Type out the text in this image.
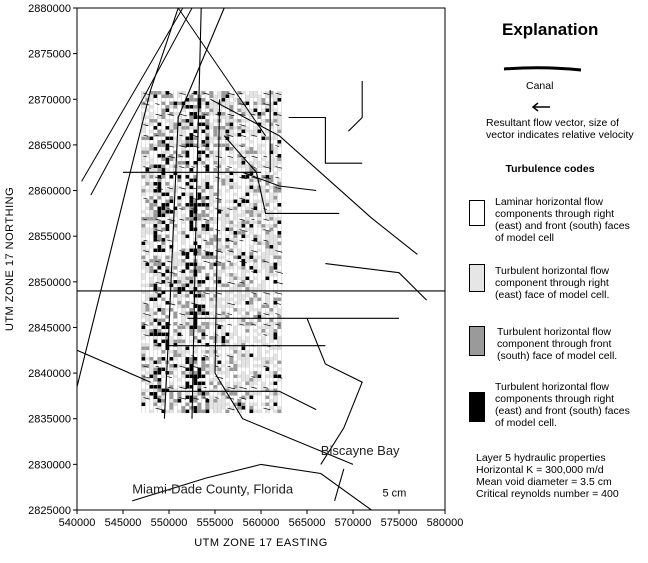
540000 545000 550000 555000 560000 565000 570000 575000 580000
2825000
2830000
2835000
2840000
2845000
2850000
2855000
2860000
2865000
2870000
2875000
2880000
UTM ZONE 17 EASTING
UTM ZONE 17 NORTHING
Biscayne Bay
Miami-Dade County, Florida	5 cm
Explanation
Canal
Resultant flow vector, size of vector indicates relative velocity
Turbulence codes
Laminar horizontal flow components through right (east) and front (south) faces of model cell
Turbulent horizontal flow component through right (east) face of model cell.
Turbulent horizontal flow component through front (south) face of model cell.
Turbulent horizontal flow components through right (east) and front (south) faces of model cell.
Layer 5 hydraulic properties
Horizontal K = 300,000 m/d
Mean void diameter = 3.5 cm
Critical reynolds number = 400
